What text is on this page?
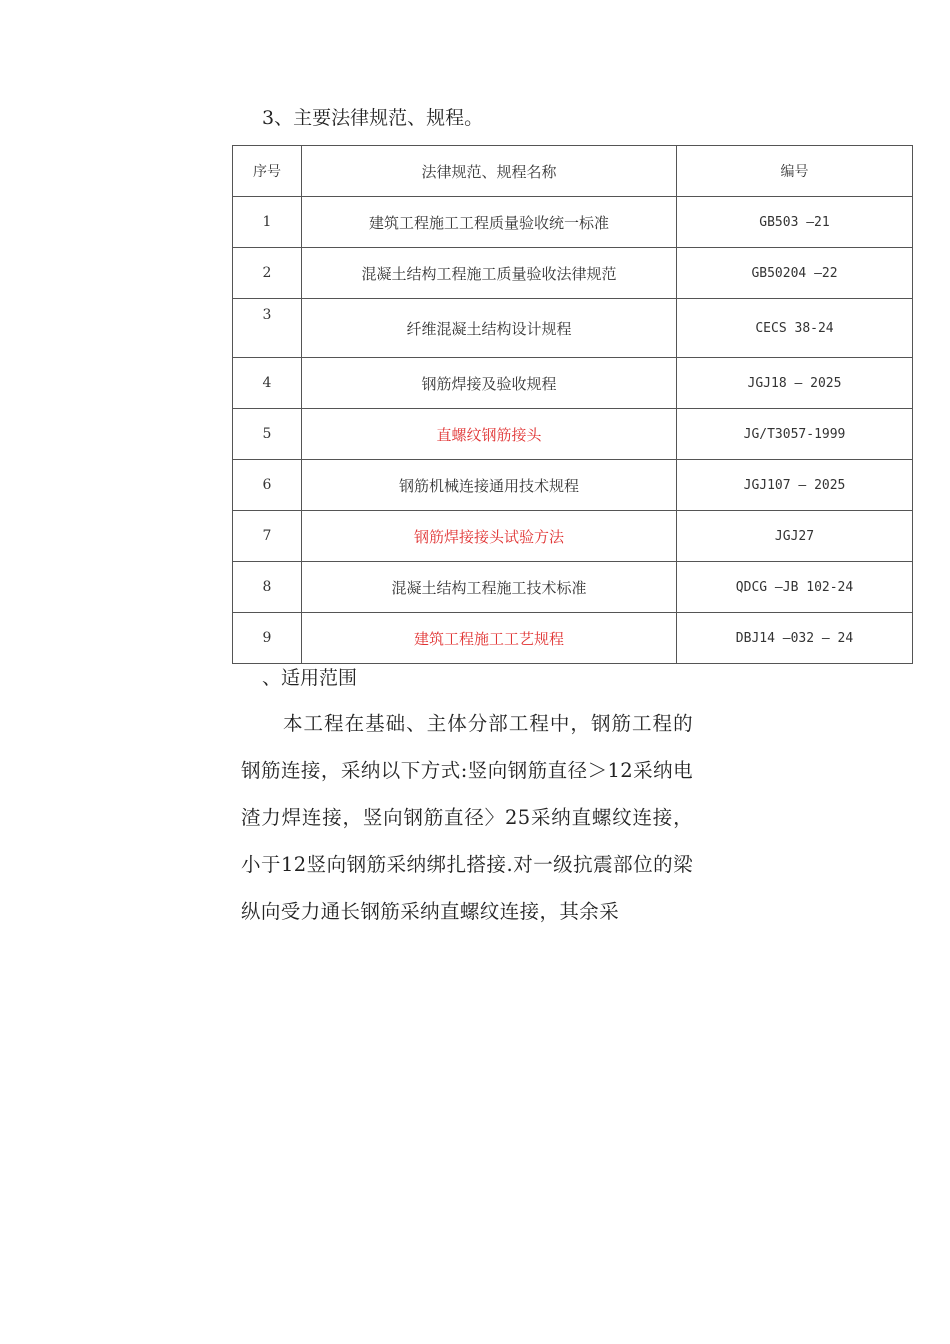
3、主要法律规范、规程。
序号	法律规范、规程名称	编号
1	建筑工程施工工程质量验收统一标准	GB503 —21
2	混凝土结构工程施工质量验收法律规范	GB50204 —22
3	纤维混凝土结构设计规程	CECS 38-24
4	钢筋焊接及验收规程	JGJ18 — 2025
5	直螺纹钢筋接头	JG/T3057-1999
6	钢筋机械连接通用技术规程	JGJ107 — 2025
7	钢筋焊接接头试验方法	JGJ27
8	混凝土结构工程施工技术标准	QDCG —JB 102-24
9	建筑工程施工工艺规程	DBJ14 —032 — 24
、适用范围
本工程在基础、主体分部工程中，钢筋工程的钢筋连接，采纳以下方式:竖向钢筋直径＞12采纳电渣力焊连接，竖向钢筋直径〉25采纳直螺纹连接，小于12竖向钢筋采纳绑扎搭接.对一级抗震部位的梁纵向受力通长钢筋采纳直螺纹连接，其余采
